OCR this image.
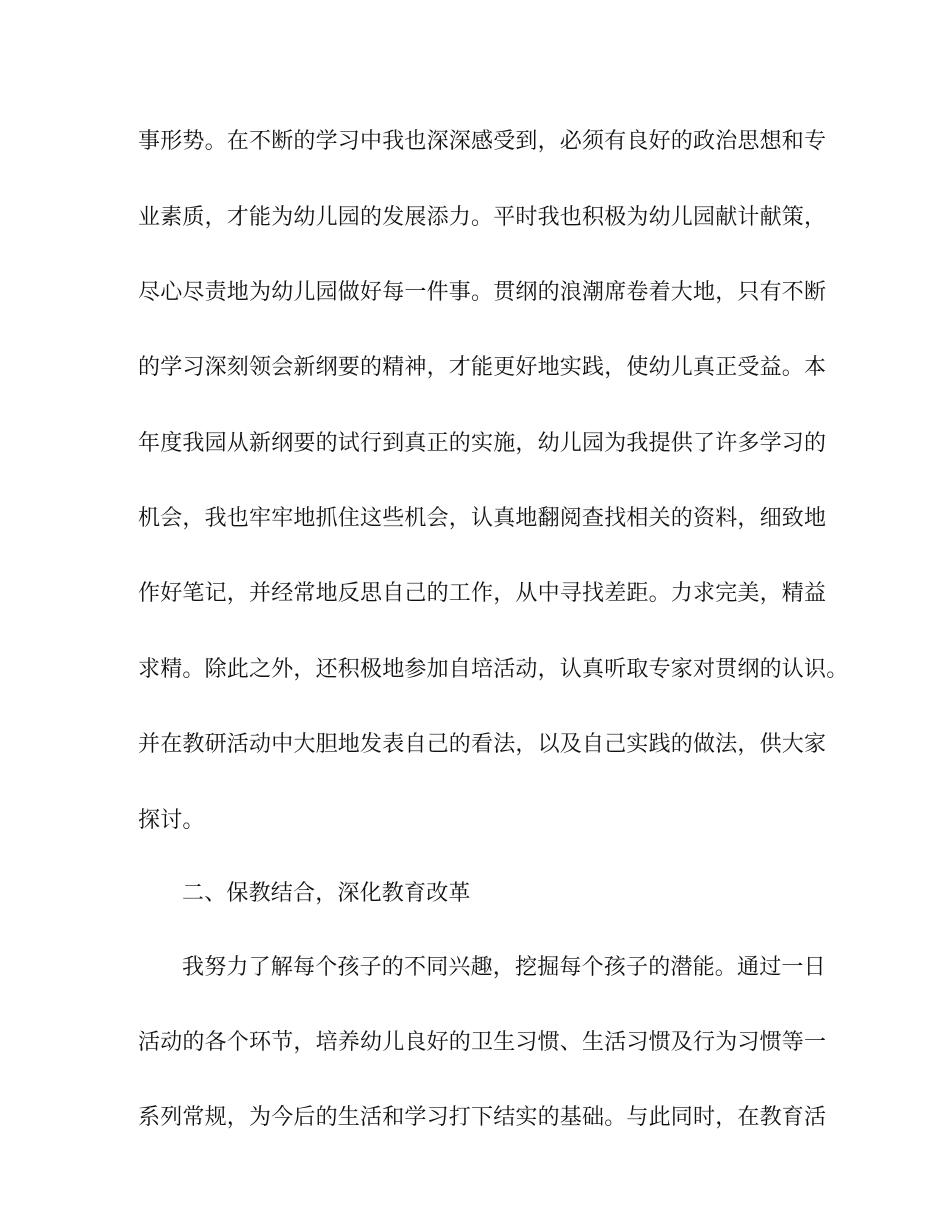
事形势。在不断的学习中我也深深感受到，必须有良好的政治思想和专
业素质，才能为幼儿园的发展添力。平时我也积极为幼儿园献计献策，
尽心尽责地为幼儿园做好每一件事。贯纲的浪潮席卷着大地，只有不断
的学习深刻领会新纲要的精神，才能更好地实践，使幼儿真正受益。本
年度我园从新纲要的试行到真正的实施，幼儿园为我提供了许多学习的
机会，我也牢牢地抓住这些机会，认真地翻阅查找相关的资料，细致地
作好笔记，并经常地反思自己的工作，从中寻找差距。力求完美，精益
求精。除此之外，还积极地参加自培活动，认真听取专家对贯纲的认识。
并在教研活动中大胆地发表自己的看法，以及自己实践的做法，供大家
探讨。
二、保教结合，深化教育改革
我努力了解每个孩子的不同兴趣，挖掘每个孩子的潜能。通过一日
活动的各个环节，培养幼儿良好的卫生习惯、生活习惯及行为习惯等一
系列常规，为今后的生活和学习打下结实的基础。与此同时，在教育活
